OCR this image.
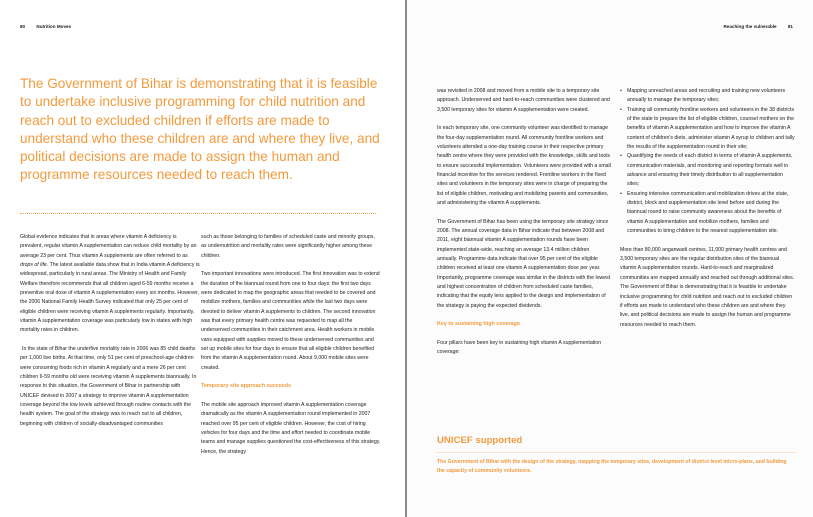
80 Nutrition Moves
The Government of Bihar is demonstrating that it is feasible to undertake inclusive programming for child nutrition and reach out to excluded children if efforts are made to understand who these children are and where they live, and political decisions are made to assign the human and programme resources needed to reach them.

Global evidence indicates that in areas where vitamin A deficiency is prevalent, regular vitamin A supplementation can reduce child mortality by an average 23 per cent. Thus vitamin A supplements are often referred to as drops of life. The latest available data show that in India vitamin A deficiency is widespread, particularly in rural areas. The Ministry of Health and Family Welfare therefore recommends that all children aged 6-59 months receive a preventive oral dose of vitamin A supplementation every six months. However, the 2006 National Family Health Survey indicated that only 25 per cent of eligible children were receiving vitamin A supplements regularly. Importantly, vitamin A supplementation coverage was particularly low in states with high mortality rates in children.

In the state of Bihar the underfive mortality rate in 2006 was 85 child deaths per 1,000 live births. At that time, only 51 per cent of preschool-age children were consuming foods rich in vitamin A regularly and a mere 26 per cent children 6-59 months old were receiving vitamin A supplements biannually. In response to this situation, the Government of Bihar in partnership with UNICEF devised in 2007 a strategy to improve vitamin A supplementation coverage beyond the low levels achieved through routine contacts with the health system. The goal of the strategy was to reach out to all children, beginning with children of socially-disadvantaged communities

such as those belonging to families of scheduled caste and minority groups, as undernutrition and mortality rates were significantly higher among these children.

Two important innovations were introduced. The first innovation was to extend the duration of the biannual round from one to four days: the first two days were dedicated to map the geographic areas that needed to be covered and mobilize mothers, families and communities while the last two days were devoted to deliver vitamin A supplements to children. The second innovation was that every primary health centre was requested to map all the underserved communities in their catchment area. Health workers in mobile vans equipped with supplies moved to these underserved communities and set up mobile sites for four days to ensure that all eligible children benefited from the vitamin A supplementation round. About 9,000 mobile sites were created.

Temporary site approach succeeds

The mobile site approach improved vitamin A supplementation coverage dramatically as the vitamin A supplementation round implemented in 2007 reached over 95 per cent of eligible children. However, the cost of hiring vehicles for four days and the time and effort needed to coordinate mobile teams and manage supplies questioned the cost-effectiveness of this strategy. Hence, the strategy

Reaching the vulnerable 81

was revisited in 2008 and moved from a mobile site to a temporary site approach. Underserved and hard-to-reach communities were clustered and 3,500 temporary sites for vitamin A supplementation were created.

In each temporary site, one community volunteer was identified to manage the four-day supplementation round. All community frontline workers and volunteers attended a one-day training course in their respective primary health centre where they were provided with the knowledge, skills and tools to ensure successful implementation. Volunteers were provided with a small financial incentive for the services rendered. Frontline workers in the fixed sites and volunteers in the temporary sites were in charge of preparing the list of eligible children, motivating and mobilizing parents and communities, and administering the vitamin A supplements.

The Government of Bihar has been using the temporary site strategy since 2008. The annual coverage data in Bihar indicate that between 2008 and 2011, eight biannual vitamin A supplementation rounds have been implemented state-wide, reaching an average 13.4 million children annually. Programme data indicate that over 95 per cent of the eligible children received at least one vitamin A supplementation dose per year. Importantly, programme coverage was similar in the districts with the lowest and highest concentration of children from scheduled caste families, indicating that the equity lens applied to the design and implementation of the strategy is paying the expected dividends.

Key to sustaining high coverage

Four pillars have been key in sustaining high vitamin A supplementation coverage:

• Mapping unreached areas and recruiting and training new volunteers annually to manage the temporary sites;
• Training all community frontline workers and volunteers in the 38 districts of the state to prepare the list of eligible children, counsel mothers on the benefits of vitamin A supplementation and how to improve the vitamin A content of children's diets, administer vitamin A syrup to children and tally the results of the supplementation round in their site;
• Quantifying the needs of each district in terms of vitamin A supplements, communication materials, and monitoring and reporting formats well in advance and ensuring their timely distribution to all supplementation sites;
• Ensuring intensive communication and mobilization drives at the state, district, block and supplementation site level before and during the biannual round to raise community awareness about the benefits of vitamin A supplementation and mobilize mothers, families and communities to bring children to the nearest supplementation site.

More than 80,000 anganwadi centres, 11,000 primary health centres and 3,500 temporary sites are the regular distribution sites of the biannual vitamin A supplementation rounds. Hard-to-reach and marginalized communities are mapped annually and reached out through additional sites. The Government of Bihar is demonstrating that it is feasible to undertake inclusive programming for child nutrition and reach out to excluded children if efforts are made to understand who these children are and where they live, and political decisions are made to assign the human and programme resources needed to reach them.

UNICEF supported
The Government of Bihar with the design of the strategy, mapping the temporary sites, development of district level micro-plans, and building the capacity of community volunteers.
